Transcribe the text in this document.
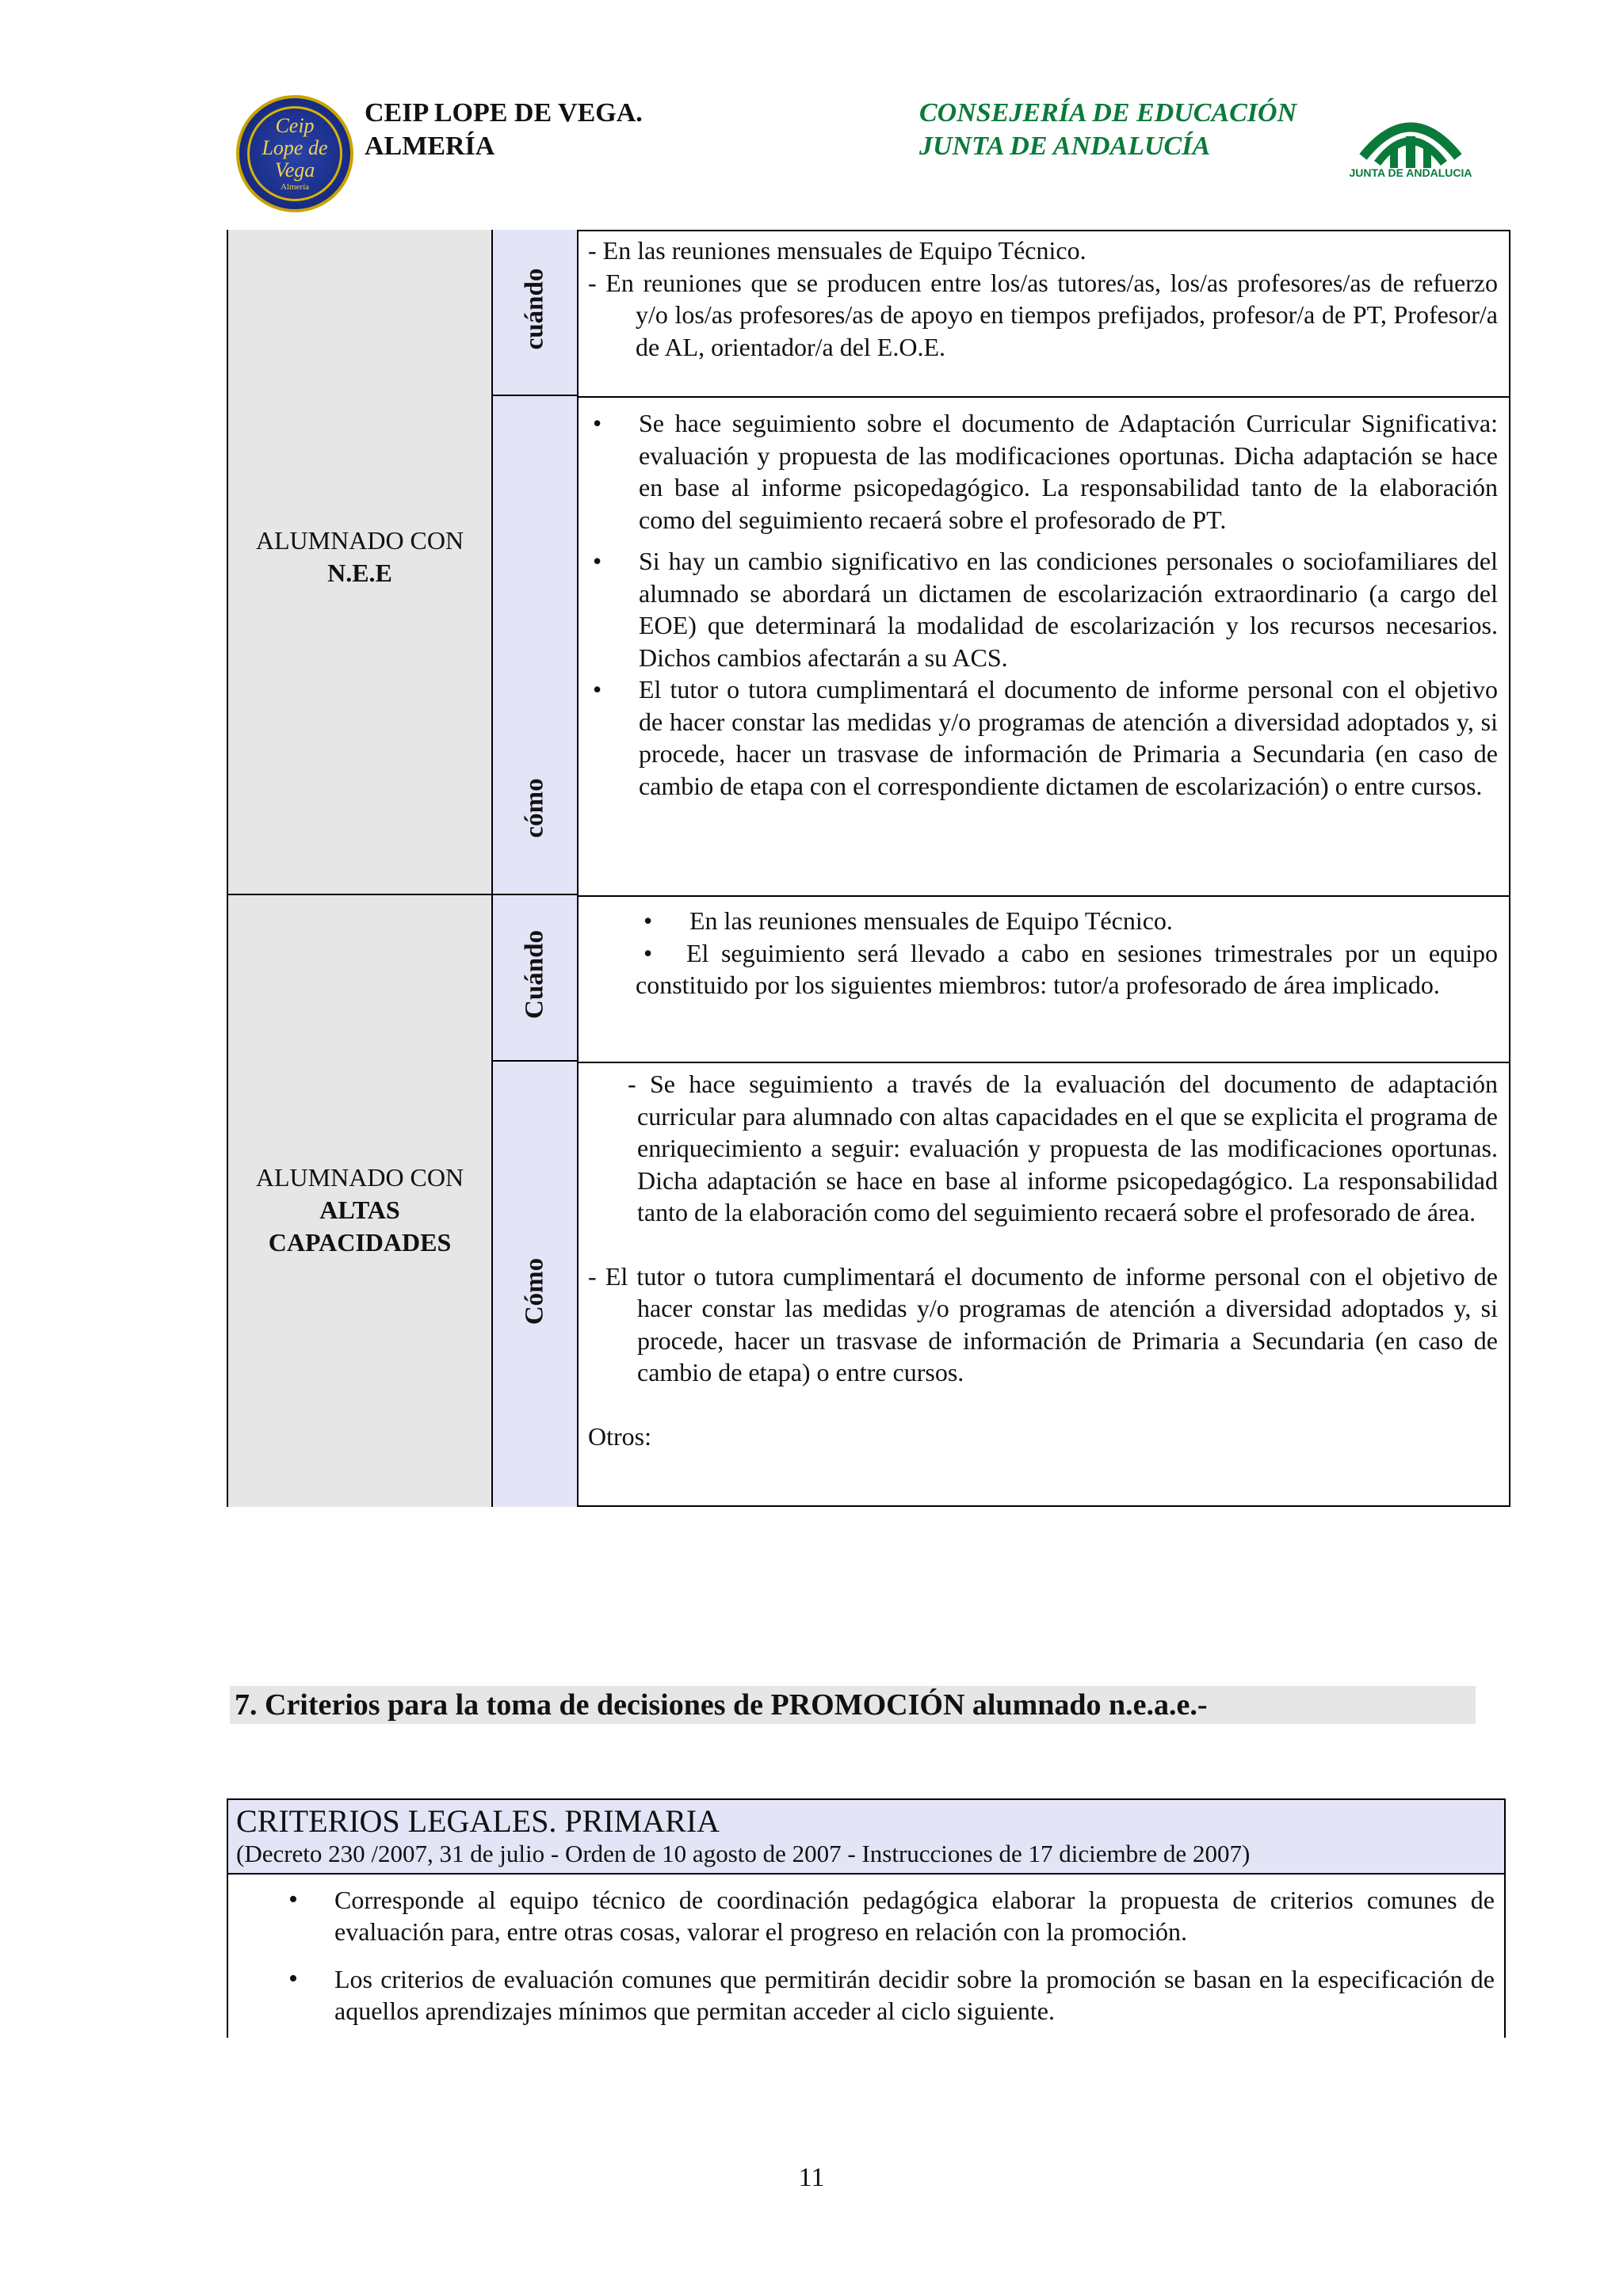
Ceip
Lope de
Vega
Almería
CEIP LOPE DE VEGA.
ALMERÍA
CONSEJERÍA DE EDUCACIÓN
JUNTA DE ANDALUCÍA
JUNTA DE ANDALUCIA
ALUMNADO CON
N.E.E
ALUMNADO CON
ALTAS
CAPACIDADES
cuándo
cómo
Cuándo
Cómo

- En las reuniones mensuales de Equipo Técnico.

- En reuniones que se producen entre los/as tutores/as, los/as profesores/as de refuerzo y/o los/as profesores/as de apoyo en tiempos prefijados, profesor/a de PT, Profesor/a de AL, orientador/a del E.O.E.

• Se hace seguimiento sobre el documento de Adaptación Curricular Significativa: evaluación y propuesta de las modificaciones oportunas. Dicha adaptación se hace en base al informe psicopedagógico. La responsabilidad tanto de la elaboración como del seguimiento recaerá sobre el profesorado de PT.

• Si hay un cambio significativo en las condiciones personales o sociofamiliares del alumnado se abordará un dictamen de escolarización extraordinario (a cargo del EOE) que determinará la modalidad de escolarización y los recursos necesarios. Dichos cambios afectarán a su ACS.

• El tutor o tutora cumplimentará el documento de informe personal con el objetivo de hacer constar las medidas y/o programas de atención a diversidad adoptados y, si procede, hacer un trasvase de información de Primaria a Secundaria (en caso de cambio de etapa con el correspondiente dictamen de escolarización) o entre cursos.

• En las reuniones mensuales de Equipo Técnico.

• El seguimiento será llevado a cabo en sesiones trimestrales por un equipo constituido por los siguientes miembros: tutor/a profesorado de área implicado.

- Se hace seguimiento a través de la evaluación del documento de adaptación curricular para alumnado con altas capacidades en el que se explicita el programa de enriquecimiento a seguir: evaluación y propuesta de las modificaciones oportunas. Dicha adaptación se hace en base al informe psicopedagógico. La responsabilidad tanto de la elaboración como del seguimiento recaerá sobre el profesorado de área.

- El tutor o tutora cumplimentará el documento de informe personal con el objetivo de hacer constar las medidas y/o programas de atención a diversidad adoptados y, si procede, hacer un trasvase de información de Primaria a Secundaria (en caso de cambio de etapa) o entre cursos.

Otros:

7. Criterios para la toma de decisiones de PROMOCIÓN alumnado n.e.a.e.-
CRITERIOS LEGALES. PRIMARIA
(Decreto 230 /2007, 31 de julio - Orden de 10 agosto de 2007 - Instrucciones de 17 diciembre de 2007)

• Corresponde al equipo técnico de coordinación pedagógica elaborar la propuesta de criterios comunes de evaluación para, entre otras cosas, valorar el progreso en relación con la promoción.

• Los criterios de evaluación comunes que permitirán decidir sobre la promoción se basan en la especificación de aquellos aprendizajes mínimos que permitan acceder al ciclo siguiente.

11
